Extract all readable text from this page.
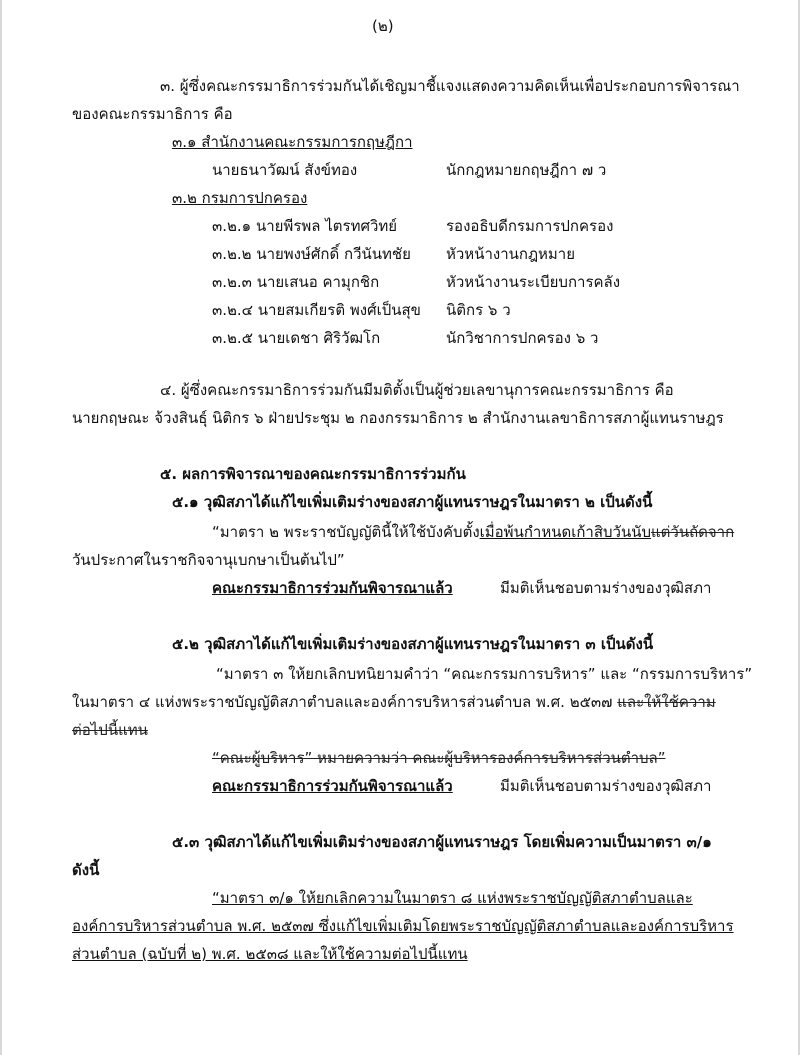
(๒)
๓. ผู้ซึ่งคณะกรรมาธิการร่วมกันได้เชิญมาชี้แจงแสดงความคิดเห็นเพื่อประกอบการพิจารณา
ของคณะกรรมาธิการ คือ
๓.๑ สำนักงานคณะกรรมการกฤษฎีกา
นายธนาวัฒน์ สังข์ทอง	นักกฎหมายกฤษฎีกา ๗ ว
๓.๒ กรมการปกครอง
๓.๒.๑ นายพีรพล ไตรทศวิทย์	รองอธิบดีกรมการปกครอง
๓.๒.๒ นายพงษ์ศักดิ์ กวีนันทชัย หัวหน้างานกฎหมาย
๓.๒.๓ นายเสนอ คามุกชิก	หัวหน้างานระเบียบการคลัง
๓.๒.๔ นายสมเกียรติ พงศ์เป็นสุข นิติกร ๖ ว
๓.๒.๕ นายเดชา ศิริวัฒโก	นักวิชาการปกครอง ๖ ว
๔. ผู้ซึ่งคณะกรรมาธิการร่วมกันมีมติตั้งเป็นผู้ช่วยเลขานุการคณะกรรมาธิการ คือ
นายกฤษณะ จ้วงสินธุ์ นิติกร ๖ ฝ่ายประชุม ๒ กองกรรมาธิการ ๒ สำนักงานเลขาธิการสภาผู้แทนราษฎร
๕. ผลการพิจารณาของคณะกรรมาธิการร่วมกัน
๕.๑ วุฒิสภาได้แก้ไขเพิ่มเติมร่างของสภาผู้แทนราษฎรในมาตรา ๒ เป็นดังนี้
“มาตรา ๒ พระราชบัญญัตินี้ให้ใช้บังคับตั้งเมื่อพ้นกำหนดเก้าสิบวันนับแต่วันถัดจาก
วันประกาศในราชกิจจานุเบกษาเป็นต้นไป”
คณะกรรมาธิการร่วมกันพิจารณาแล้ว	มีมติเห็นชอบตามร่างของวุฒิสภา
๕.๒ วุฒิสภาได้แก้ไขเพิ่มเติมร่างของสภาผู้แทนราษฎรในมาตรา ๓ เป็นดังนี้
“มาตรา ๓ ให้ยกเลิกบทนิยามคำว่า “คณะกรรมการบริหาร” และ “กรรมการบริหาร”
ในมาตรา ๔ แห่งพระราชบัญญัติสภาตำบลและองค์การบริหารส่วนตำบล พ.ศ. ๒๕๓๗ และให้ใช้ความ
ต่อไปนี้แทน
“คณะผู้บริหาร” หมายความว่า คณะผู้บริหารองค์การบริหารส่วนตำบล”
คณะกรรมาธิการร่วมกันพิจารณาแล้ว	มีมติเห็นชอบตามร่างของวุฒิสภา
๕.๓ วุฒิสภาได้แก้ไขเพิ่มเติมร่างของสภาผู้แทนราษฎร โดยเพิ่มความเป็นมาตรา ๓/๑
ดังนี้
“มาตรา ๓/๑ ให้ยกเลิกความในมาตรา ๘ แห่งพระราชบัญญัติสภาตำบลและ
องค์การบริหารส่วนตำบล พ.ศ. ๒๕๓๗ ซึ่งแก้ไขเพิ่มเติมโดยพระราชบัญญัติสภาตำบลและองค์การบริหาร
ส่วนตำบล (ฉบับที่ ๒) พ.ศ. ๒๕๓๘ และให้ใช้ความต่อไปนี้แทน
